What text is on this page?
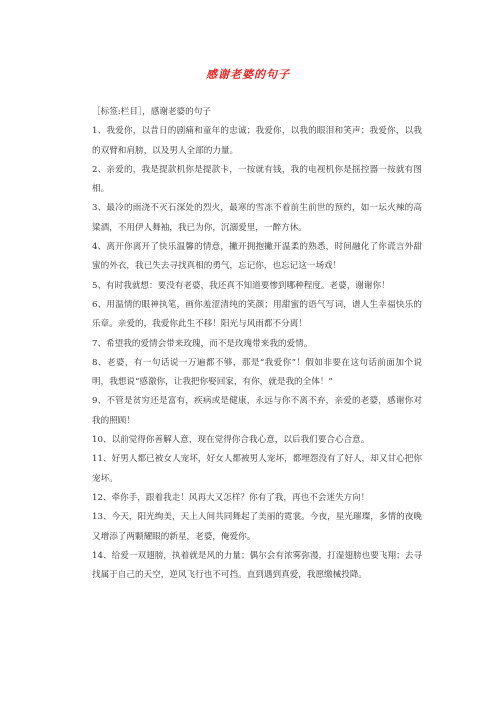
感谢老婆的句子

［标签:栏目］，感谢老婆的句子

1、我爱你，以昔日的剧痛和童年的忠诚；我爱你，以我的眼泪和笑声；我爱你，以我的双臂和肩膀，以及男人全部的力量。

2、亲爱的，我是提款机你是提款卡，一按就有钱，我的电视机你是摇控器一按就有图相。

3、最冷的雨浇不灭石深处的烈火，最寒的雪冻不着前生前世的预约，如一坛火辣的高粱酒，不用伊人舞袖，我已为你，沉溺爱里，一醉方休。

4、离开你离开了快乐温馨的情意，撇开拥抱撇开温柔的熟悉，时间融化了你谎言外甜蜜的外衣，我已失去寻找真相的勇气，忘记你，也忘记这一场戏！

5、有时我就想：要没有老婆，我还真不知道要惨到哪种程度。老婆，谢谢你！

6、用温情的眼神执笔，画你羞涩清纯的笑颜；用甜蜜的语气写词，谱人生幸福快乐的乐章。亲爱的，我爱你此生不移！阳光与风雨都不分离！

7、希望我的爱情会带来玫瑰，而不是玫瑰带来我的爱情。

8、老婆，有一句话说一万遍都不够，那是“我爱你”！假如非要在这句话前面加个说明，我想说“感激你，让我把你娶回家，有你，就是我的全体！”

9、不管是贫穷还是富有，疾病或是健康，永远与你不离不弃，亲爱的老婆，感谢你对我的照顾！

10、以前觉得你善解人意，现在觉得你合我心意，以后我们要合心合意。

11、好男人都已被女人宠坏，好女人都被男人宠坏，都埋怨没有了好人，却又甘心把你宠坏。

12、牵你手，跟着我走！风再大又怎样？你有了我，再也不会迷失方向！

13、今天，阳光绚美，天上人间共同舞起了美丽的霓裳。今夜，星光璀璨，多情的夜晚又增添了两颗耀眼的新星，老婆，俺爱你。

14、给爱一双翅膀，执着就是风的力量；偶尔会有浓雾弥漫，打湿翅膀也要飞翔；去寻找属于自己的天空，逆风飞行也不可挡。直到遇到真爱，我愿缴械投降。
